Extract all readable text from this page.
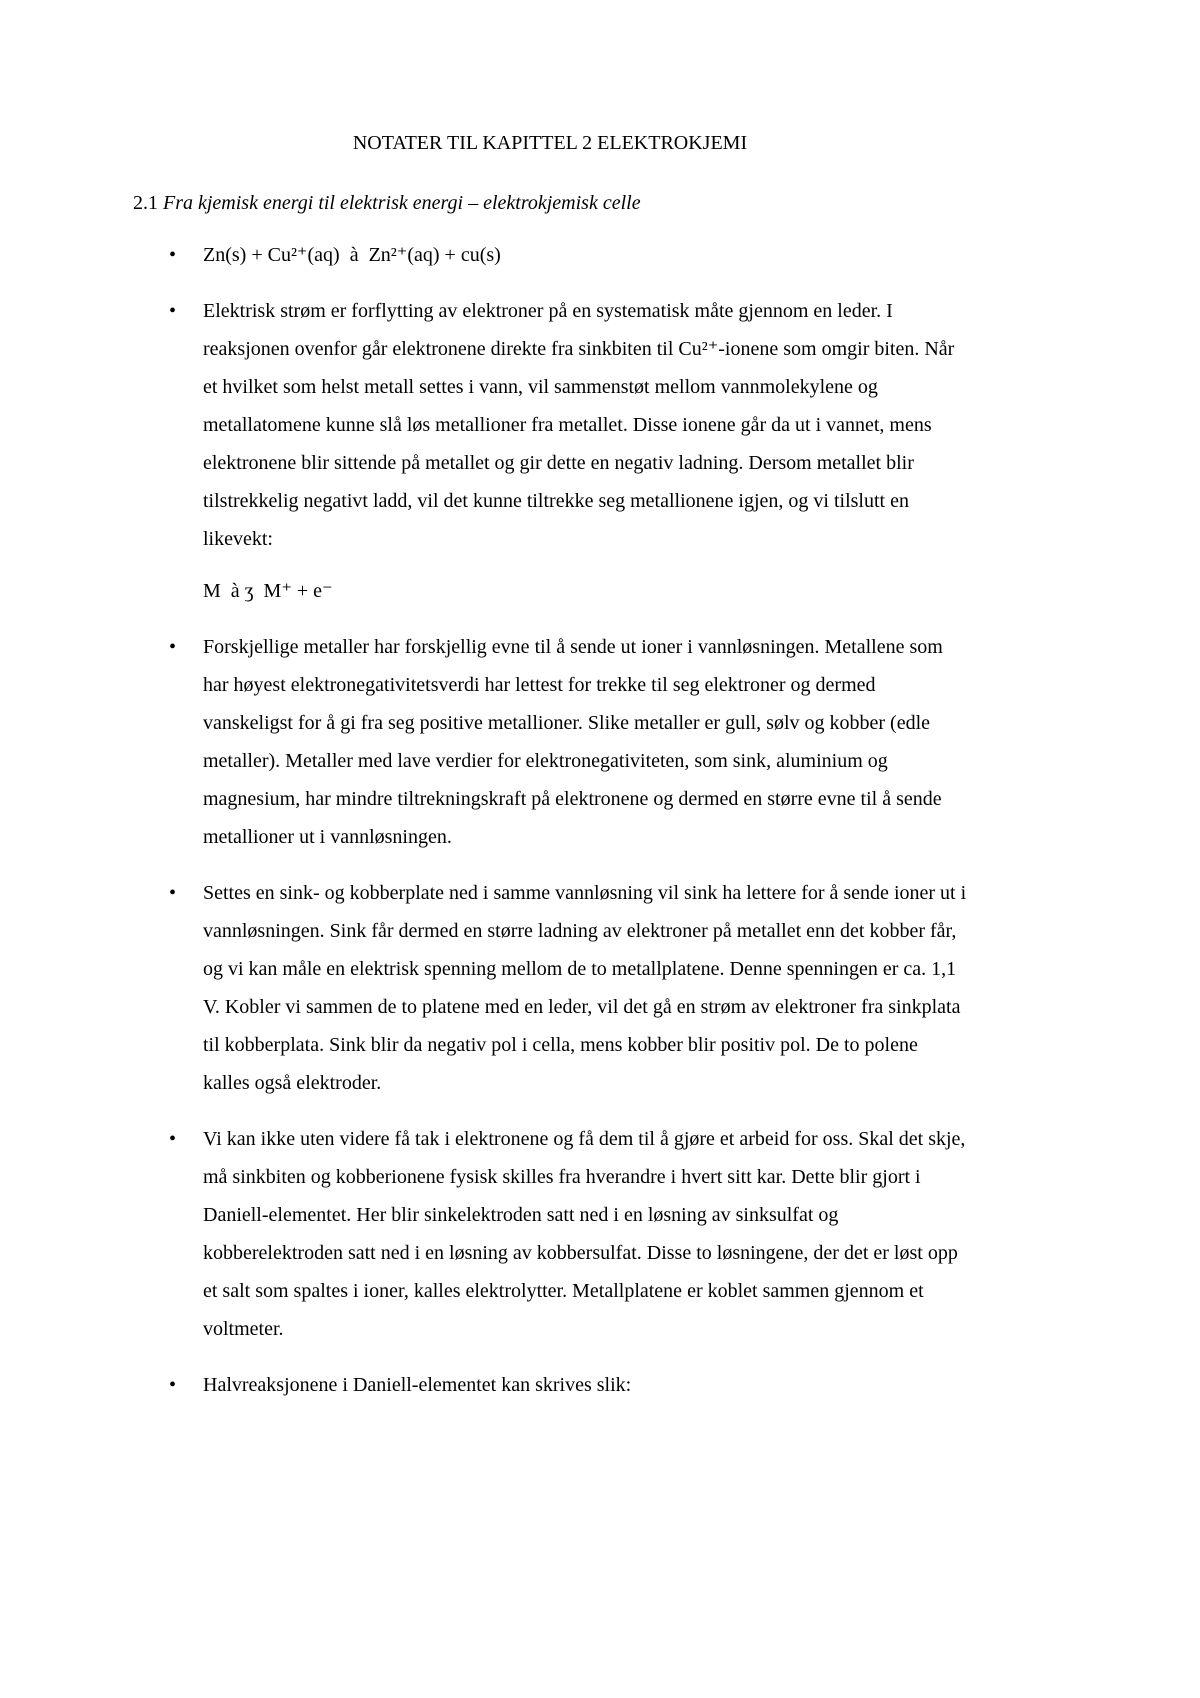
NOTATER TIL KAPITTEL 2 ELEKTROKJEMI

2.1 Fra kjemisk energi til elektrisk energi – elektrokjemisk celle

• Zn(s) + Cu²⁺(aq)  à  Zn²⁺(aq) + cu(s)
• Elektrisk strøm er forflytting av elektroner på en systematisk måte gjennom en leder. I reaksjonen ovenfor går elektronene direkte fra sinkbiten til Cu²⁺-ionene som omgir biten. Når et hvilket som helst metall settes i vann, vil sammenstøt mellom vannmolekylene og metallatomene kunne slå løs metallioner fra metallet. Disse ionene går da ut i vannet, mens elektronene blir sittende på metallet og gir dette en negativ ladning. Dersom metallet blir tilstrekkelig negativt ladd, vil det kunne tiltrekke seg metallionene igjen, og vi tilslutt en likevekt:
M  à ʒ  M⁺ + e⁻
• Forskjellige metaller har forskjellig evne til å sende ut ioner i vannløsningen. Metallene som har høyest elektronegativitetsverdi har lettest for trekke til seg elektroner og dermed vanskeligst for å gi fra seg positive metallioner. Slike metaller er gull, sølv og kobber (edle metaller). Metaller med lave verdier for elektronegativiteten, som sink, aluminium og magnesium, har mindre tiltrekningskraft på elektronene og dermed en større evne til å sende metallioner ut i vannløsningen.
• Settes en sink- og kobberplate ned i samme vannløsning vil sink ha lettere for å sende ioner ut i vannløsningen. Sink får dermed en større ladning av elektroner på metallet enn det kobber får, og vi kan måle en elektrisk spenning mellom de to metallplatene. Denne spenningen er ca. 1,1 V. Kobler vi sammen de to platene med en leder, vil det gå en strøm av elektroner fra sinkplata til kobberplata. Sink blir da negativ pol i cella, mens kobber blir positiv pol. De to polene kalles også elektroder.
• Vi kan ikke uten videre få tak i elektronene og få dem til å gjøre et arbeid for oss. Skal det skje, må sinkbiten og kobberionene fysisk skilles fra hverandre i hvert sitt kar. Dette blir gjort i Daniell-elementet. Her blir sinkelektroden satt ned i en løsning av sinksulfat og kobberelektroden satt ned i en løsning av kobbersulfat. Disse to løsningene, der det er løst opp et salt som spaltes i ioner, kalles elektrolytter. Metallplatene er koblet sammen gjennom et voltmeter.
• Halvreaksjonene i Daniell-elementet kan skrives slik:
